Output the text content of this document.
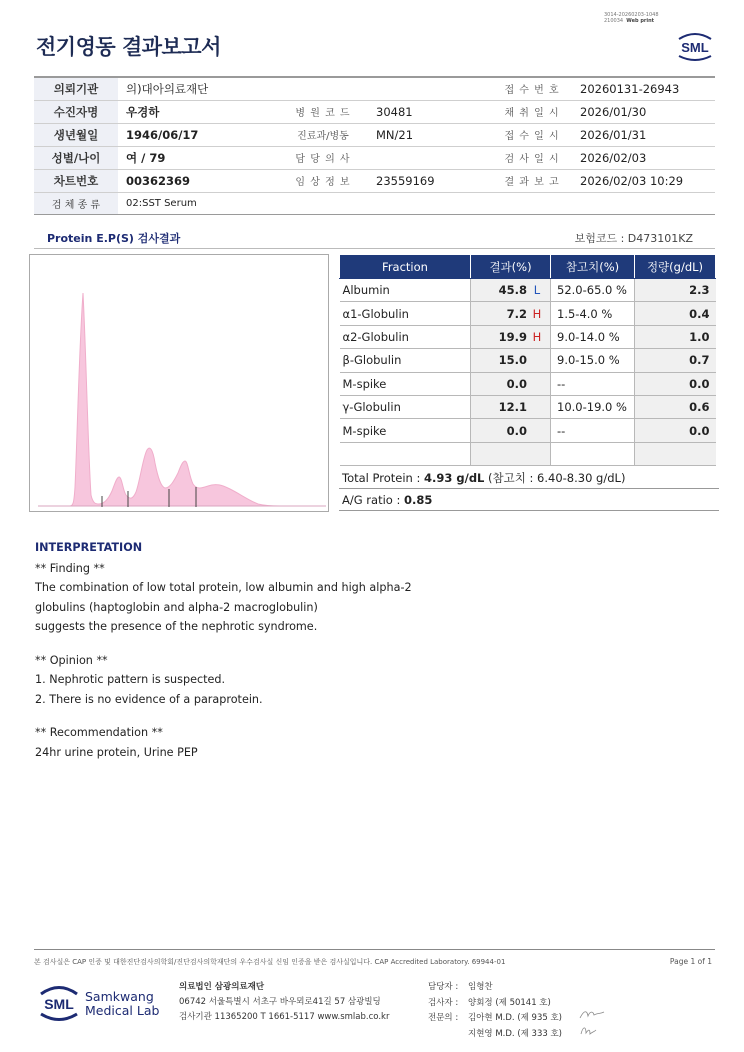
3014-20260203-1048
210034 Web print
전기영동 결과보고서	SML
의뢰기관	의)대아의료재단			접 수 번 호	20260131-26943
수진자명	우경하	병 원 코 드	30481	채 취 일 시	2026/01/30
생년월일	1946/06/17	진료과/병동	MN/21	접 수 일 시	2026/01/31
성별/나이	여 / 79	담 당 의 사		검 사 일 시	2026/02/03
차트번호	00362369	임 상 정 보	23559169	결 과 보 고	2026/02/03 10:29
검 체 종 류	02:SST Serum				
Protein E.P(S) 검사결과	보험코드 : D473101KZ
Fraction	결과(%)	참고치(%)	정량(g/dL)
Albumin	45.8 L	52.0-65.0 %	2.3
α1-Globulin	7.2 H	1.5-4.0 %	0.4
α2-Globulin	19.9 H	9.0-14.0 %	1.0
β-Globulin	15.0	9.0-15.0 %	0.7
M-spike	0.0	--	0.0
γ-Globulin	12.1	10.0-19.0 %	0.6
M-spike	0.0	--	0.0

Total Protein : 4.93 g/dL (참고치 : 6.40-8.30 g/dL)
A/G ratio : 0.85
INTERPRETATION
** Finding **
The combination of low total protein, low albumin and high alpha-2
globulins (haptoglobin and alpha-2 macroglobulin)
suggests the presence of the nephrotic syndrome.
** Opinion **
1. Nephrotic pattern is suspected.
2. There is no evidence of a paraprotein.
** Recommendation **
24hr urine protein, Urine PEP
본 검사실은 CAP 인증 및 대한진단검사의학회/진단검사의학재단의 우수검사실 신임 인증을 받은 검사실입니다. CAP Accredited Laboratory. 69944-01	Page 1 of 1
SML Samkwang
Medical Lab
의료법인 삼광의료재단
06742 서울특별시 서초구 바우뫼로41길 57 삼광빌딩
검사기관 11365200 T 1661-5117 www.smlab.co.kr
담당자 :	임형찬
검사자 :	양회정 (제 50141 호)
전문의 :	김아현 M.D. (제 935 호)
지현영 M.D. (제 333 호)
